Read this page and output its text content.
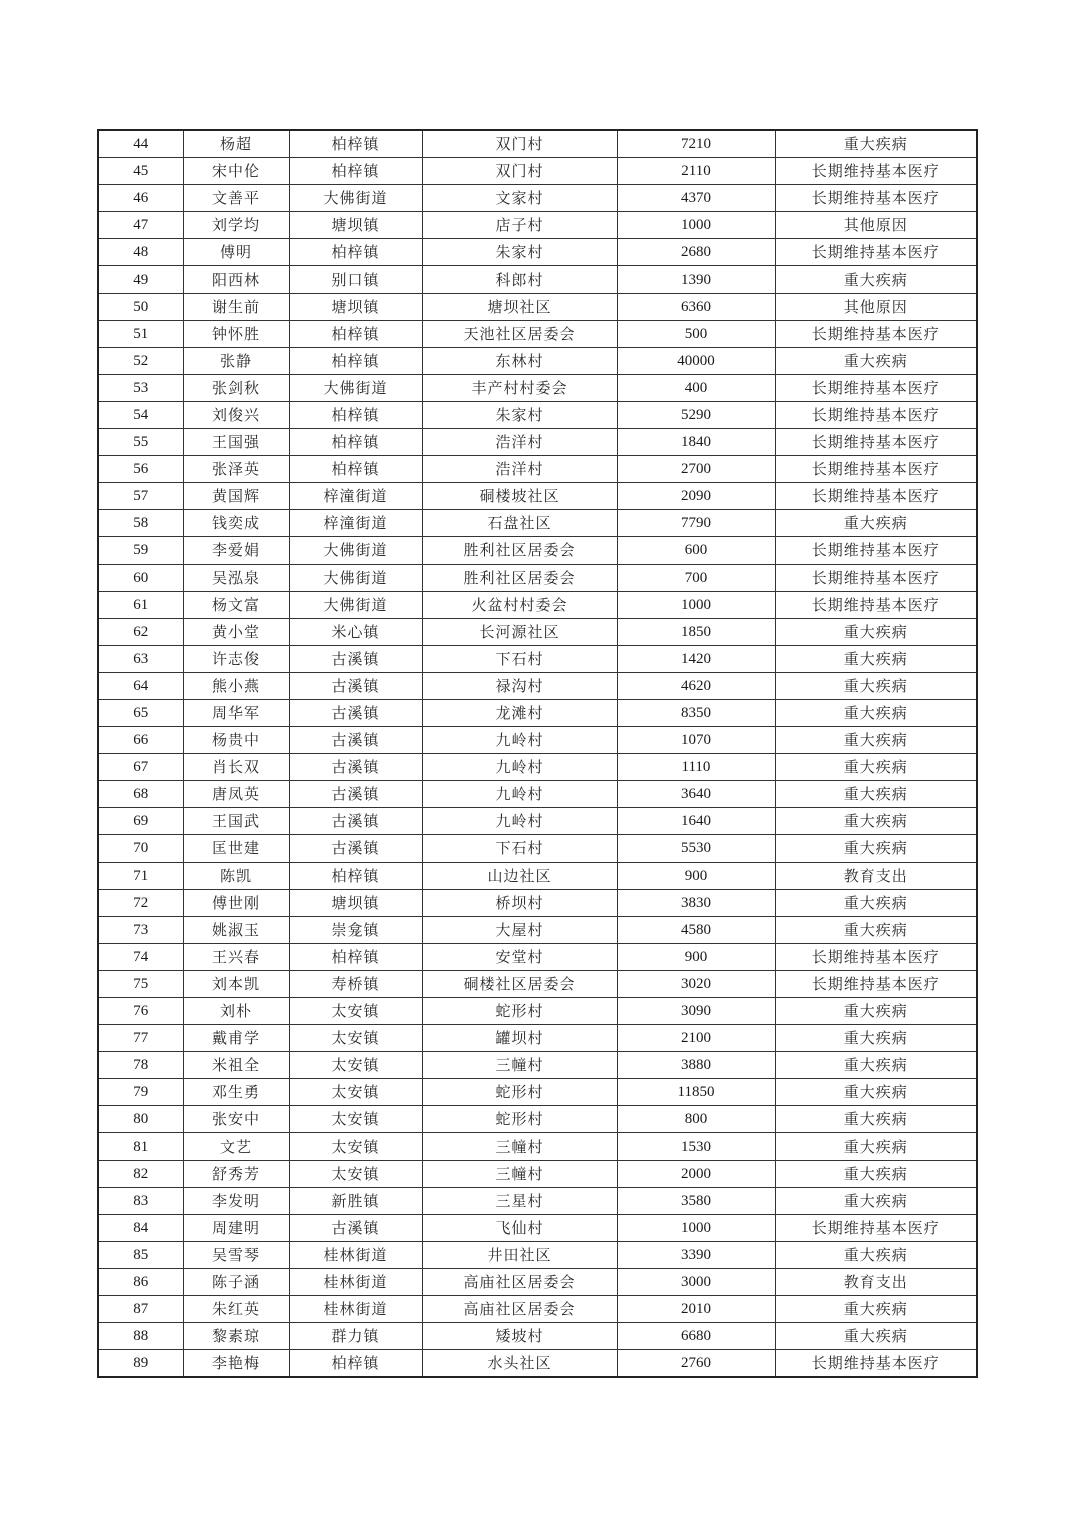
44	杨超	柏梓镇	双门村	7210	重大疾病
45	宋中伦	柏梓镇	双门村	2110	长期维持基本医疗
46	文善平	大佛街道	文家村	4370	长期维持基本医疗
47	刘学均	塘坝镇	店子村	1000	其他原因
48	傅明	柏梓镇	朱家村	2680	长期维持基本医疗
49	阳西林	别口镇	科郎村	1390	重大疾病
50	谢生前	塘坝镇	塘坝社区	6360	其他原因
51	钟怀胜	柏梓镇	天池社区居委会	500	长期维持基本医疗
52	张静	柏梓镇	东林村	40000	重大疾病
53	张剑秋	大佛街道	丰产村村委会	400	长期维持基本医疗
54	刘俊兴	柏梓镇	朱家村	5290	长期维持基本医疗
55	王国强	柏梓镇	浩洋村	1840	长期维持基本医疗
56	张泽英	柏梓镇	浩洋村	2700	长期维持基本医疗
57	黄国辉	梓潼街道	硐楼坡社区	2090	长期维持基本医疗
58	钱奕成	梓潼街道	石盘社区	7790	重大疾病
59	李爱娟	大佛街道	胜利社区居委会	600	长期维持基本医疗
60	吴泓泉	大佛街道	胜利社区居委会	700	长期维持基本医疗
61	杨文富	大佛街道	火盆村村委会	1000	长期维持基本医疗
62	黄小堂	米心镇	长河源社区	1850	重大疾病
63	许志俊	古溪镇	下石村	1420	重大疾病
64	熊小燕	古溪镇	禄沟村	4620	重大疾病
65	周华军	古溪镇	龙滩村	8350	重大疾病
66	杨贵中	古溪镇	九岭村	1070	重大疾病
67	肖长双	古溪镇	九岭村	1110	重大疾病
68	唐凤英	古溪镇	九岭村	3640	重大疾病
69	王国武	古溪镇	九岭村	1640	重大疾病
70	匡世建	古溪镇	下石村	5530	重大疾病
71	陈凯	柏梓镇	山边社区	900	教育支出
72	傅世刚	塘坝镇	桥坝村	3830	重大疾病
73	姚淑玉	崇龛镇	大屋村	4580	重大疾病
74	王兴春	柏梓镇	安堂村	900	长期维持基本医疗
75	刘本凯	寿桥镇	硐楼社区居委会	3020	长期维持基本医疗
76	刘朴	太安镇	蛇形村	3090	重大疾病
77	戴甫学	太安镇	罐坝村	2100	重大疾病
78	米祖全	太安镇	三幢村	3880	重大疾病
79	邓生勇	太安镇	蛇形村	11850	重大疾病
80	张安中	太安镇	蛇形村	800	重大疾病
81	文艺	太安镇	三幢村	1530	重大疾病
82	舒秀芳	太安镇	三幢村	2000	重大疾病
83	李发明	新胜镇	三星村	3580	重大疾病
84	周建明	古溪镇	飞仙村	1000	长期维持基本医疗
85	吴雪琴	桂林街道	井田社区	3390	重大疾病
86	陈子涵	桂林街道	高庙社区居委会	3000	教育支出
87	朱红英	桂林街道	高庙社区居委会	2010	重大疾病
88	黎素琼	群力镇	矮坡村	6680	重大疾病
89	李艳梅	柏梓镇	水头社区	2760	长期维持基本医疗
